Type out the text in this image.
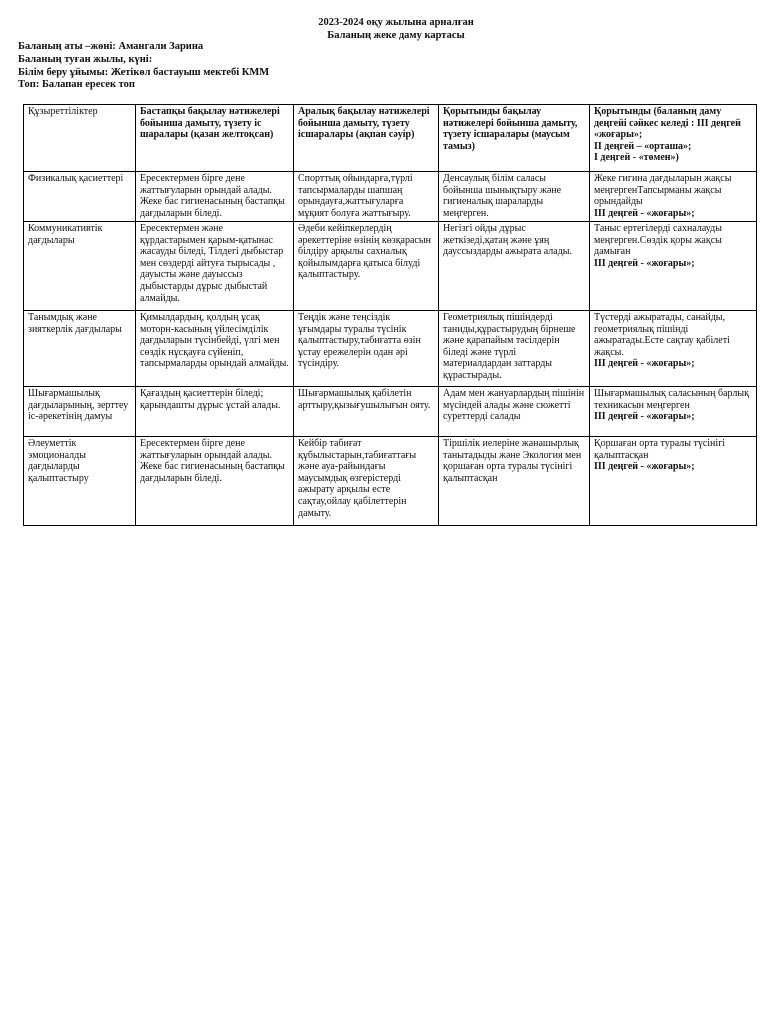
2023-2024 оқу жылына арналған
Баланың жеке даму картасы
Баланың аты –жөні: Амангали Зарина
Баланың туған жылы, күні:
Білім беру ұйымы: Жетікөл бастауыш мектебі КММ
Топ: Балапан ересек топ
Құзыреттіліктер	Бастапқы бақылау нәтижелері бойынша дамыту, түзету іс шаралары (қазан желтоқсан)	Аралық бақылау нәтижелері бойынша дамыту, түзету ісшаралары (ақпан сәуір)	Қорытынды бақылау нәтижелері бойынша дамыту, түзету ісшаралары (маусым тамыз)	Қорытынды (баланың даму деңгейі сәйкес келеді : ІІІ деңгей «жоғары»;
ІІ деңгей – «орташа»;
І деңгей - «төмен»)

Физикалық қасиеттері	Ересектермен бірге дене жаттығуларын орындай алады. Жеке бас гигиенасының бастапқы дағдыларын біледі.	Спорттық ойындарға,түрлі тапсырмаларды шапшаң орындауға,жаттығуларға мұқият болуға жаттығыру.	Денсаулық білім саласы бойынша шынықтыру және гигиеналық шараларды меңгерген.	Жеке гигина дағдыларын жақсы меңгергенТапсырманы жақсы орындайды
ІІІ деңгей - «жоғары»;

Коммуникативтік дағдылары	Ересектермен және құрдастарымен қарым-қатынас жасауды біледі, Тілдегі дыбыстар мен сөздерді айтуға тырысады , дауысты және дауыссыз дыбыстарды дұрыс дыбыстай алмайды.	Әдеби кейіпкерлердің әрекеттеріне өзінің көзқарасын білдіру арқылы сахналық қойылымдарға қатыса білуді қалыптастыру.	Негізгі ойды дұрыс жеткізеді,қатаң және ұяң дауссыздарды ажырата алады.	Таныс ертегілерді сахналауды меңгерген.Сөздік қоры жақсы дамыған
ІІІ деңгей - «жоғары»;

Танымдық және зияткерлік дағдылары	Қимылдардың, қолдың ұсақ моторн-касының үйлесімділік дағдыларын түсінбейді, үлгі мен сөздік нұсқауға сүйеніп, тапсырмаларды орындай алмайды.	Теңдік және теңсіздік ұғымдары туралы түсінік қалыптастыру,табиғатта өзін ұстау ережелерін одан әрі түсіндіру.	Геометриялық пішіндерді таниды,құрастырудың бірнеше және қарапайым тәсілдерін біледі және түрлі материалдардан заттарды құрастырады.	Түстерді ажыратады, санайды, геометриялық пішінді ажыратады.Есте сақтау қабілеті жақсы.
ІІІ деңгей - «жоғары»;

Шығармашылық дағдыларының, зерттеу іс-әрекетінің дамуы	Қағаздың қасиеттерін біледі; қарындашты дұрыс ұстай алады.	Шығармашылық қабілетін арттыру,қызығушылығын ояту.	Адам мен жануарлардың пішінін мүсіндей алады және сюжетті суреттерді салады	Шығармашылық саласының барлық техникасын меңгерген
ІІІ деңгей - «жоғары»;

Әлеуметтік эмоционалды дағдыларды қалыптастыру	Ересектермен бірге дене жаттығуларын орындай алады. Жеке бас гигиенасының бастапқы дағдыларын біледі.	Кейбір табиғат құбылыстарын,табиғаттағы және ауа-райындағы маусымдық өзгерістерді ажырату арқылы есте сақтау,ойлау қабілеттерін дамыту.	Тіршілік иелеріне жанашырлық танытадыды және Экология мен қоршаған орта туралы түсінігі қалыптасқан	Қоршаған орта туралы түсінігі қалыптасқан
ІІІ деңгей - «жоғары»;
